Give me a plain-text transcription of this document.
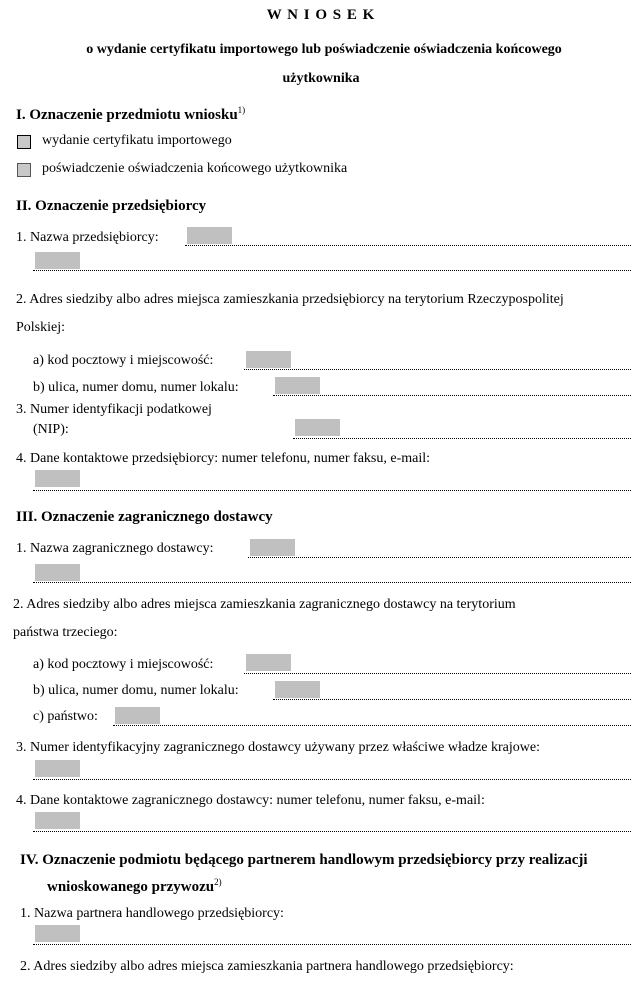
W N I O S E K
o wydanie certyfikatu importowego lub poświadczenie oświadczenia końcowego
użytkownika
I. Oznaczenie przedmiotu wniosku$^{1)}$
wydanie certyfikatu importowego
poświadczenie oświadczenia końcowego użytkownika
II. Oznaczenie przedsiębiorcy
1. Nazwa przedsiębiorcy:
2. Adres siedziby albo adres miejsca zamieszkania przedsiębiorcy na terytorium Rzeczypospolitej
Polskiej:
a) kod pocztowy i miejscowość:
b) ulica, numer domu, numer lokalu:
3. Numer identyfikacji podatkowej
(NIP):
4. Dane kontaktowe przedsiębiorcy: numer telefonu, numer faksu, e-mail:
III. Oznaczenie zagranicznego dostawcy
1. Nazwa zagranicznego dostawcy:
2. Adres siedziby albo adres miejsca zamieszkania zagranicznego dostawcy na terytorium
państwa trzeciego:
a) kod pocztowy i miejscowość:
b) ulica, numer domu, numer lokalu:
c) państwo:
3. Numer identyfikacyjny zagranicznego dostawcy używany przez właściwe władze krajowe:
4. Dane kontaktowe zagranicznego dostawcy: numer telefonu, numer faksu, e-mail:
IV. Oznaczenie podmiotu będącego partnerem handlowym przedsiębiorcy przy realizacji
wnioskowanego przywozu$^{2)}$
1. Nazwa partnera handlowego przedsiębiorcy:
2. Adres siedziby albo adres miejsca zamieszkania partnera handlowego przedsiębiorcy:
